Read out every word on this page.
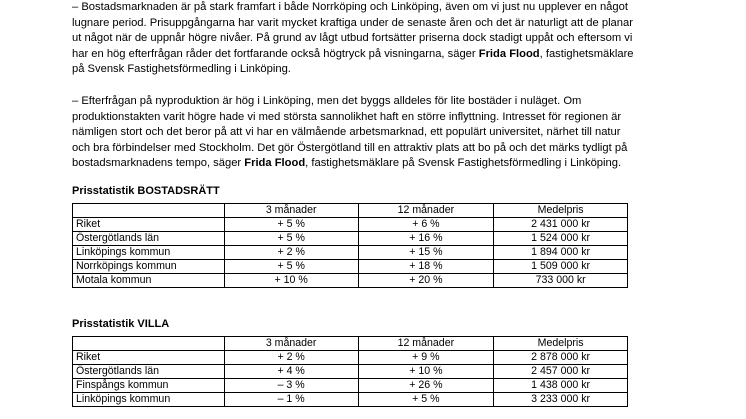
– Bostadsmarknaden är på stark framfart i både Norrköping och Linköping, även om vi just nu upplever en något
lugnare period. Prisuppgångarna har varit mycket kraftiga under de senaste åren och det är naturligt att de planar
ut något när de uppnår högre nivåer. På grund av lågt utbud fortsätter priserna dock stadigt uppåt och eftersom vi
har en hög efterfrågan råder det fortfarande också högtryck på visningarna, säger Frida Flood, fastighetsmäklare
på Svensk Fastighetsförmedling i Linköping.

– Efterfrågan på nyproduktion är hög i Linköping, men det byggs alldeles för lite bostäder i nuläget. Om
produktionstakten varit högre hade vi med största sannolikhet haft en större inflyttning. Intresset för regionen är
nämligen stort och det beror på att vi har en välmående arbetsmarknad, ett populärt universitet, närhet till natur
och bra förbindelser med Stockholm. Det gör Östergötland till en attraktiv plats att bo på och det märks tydligt på
bostadsmarknadens tempo, säger Frida Flood, fastighetsmäklare på Svensk Fastighetsförmedling i Linköping.

Prisstatistik BOSTADSRÄTT

	3 månader	12 månader	Medelpris
Riket	+ 5 %	+ 6 %	2 431 000 kr
Östergötlands län	+ 5 %	+ 16 %	1 524 000 kr
Linköpings kommun	+ 2 %	+ 15 %	1 894 000 kr
Norrköpings kommun	+ 5 %	+ 18 %	1 509 000 kr
Motala kommun	+ 10 %	+ 20 %	733 000 kr

Prisstatistik VILLA

	3 månader	12 månader	Medelpris
Riket	+ 2 %	+ 9 %	2 878 000 kr
Östergötlands län	+ 4 %	+ 10 %	2 457 000 kr
Finspångs kommun	– 3 %	+ 26 %	1 438 000 kr
Linköpings kommun	– 1 %	+ 5 %	3 233 000 kr
